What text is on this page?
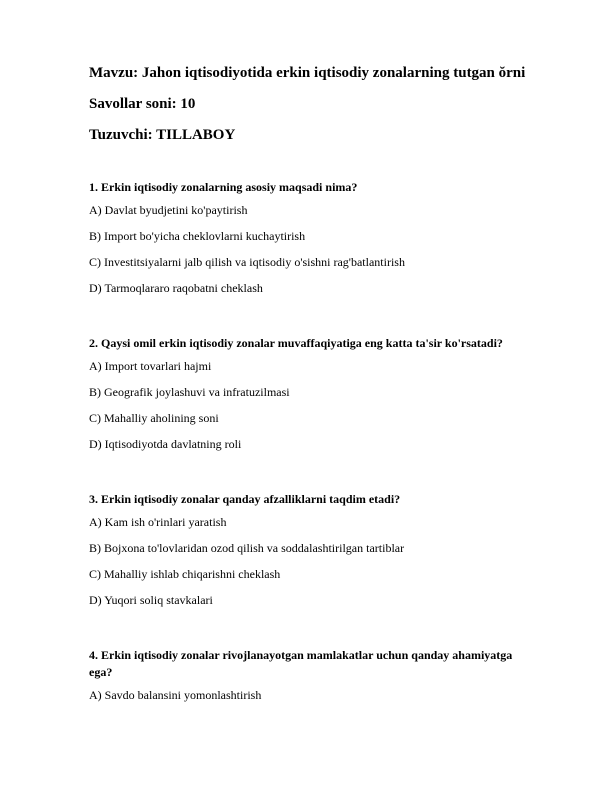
Mavzu: Jahon iqtisodiyotida erkin iqtisodiy zonalarning tutgan ŏrni

Savollar soni: 10

Tuzuvchi: TILLABOY

1. Erkin iqtisodiy zonalarning asosiy maqsadi nima?

A) Davlat byudjetini ko'paytirish

B) Import bo'yicha cheklovlarni kuchaytirish

C) Investitsiyalarni jalb qilish va iqtisodiy o'sishni rag'batlantirish

D) Tarmoqlararo raqobatni cheklash

2. Qaysi omil erkin iqtisodiy zonalar muvaffaqiyatiga eng katta ta'sir ko'rsatadi?

A) Import tovarlari hajmi

B) Geografik joylashuvi va infratuzilmasi

C) Mahalliy aholining soni

D) Iqtisodiyotda davlatning roli

3. Erkin iqtisodiy zonalar qanday afzalliklarni taqdim etadi?

A) Kam ish o'rinlari yaratish

B) Bojxona to'lovlaridan ozod qilish va soddalashtirilgan tartiblar

C) Mahalliy ishlab chiqarishni cheklash

D) Yuqori soliq stavkalari

4. Erkin iqtisodiy zonalar rivojlanayotgan mamlakatlar uchun qanday ahamiyatga ega?

A) Savdo balansini yomonlashtirish
